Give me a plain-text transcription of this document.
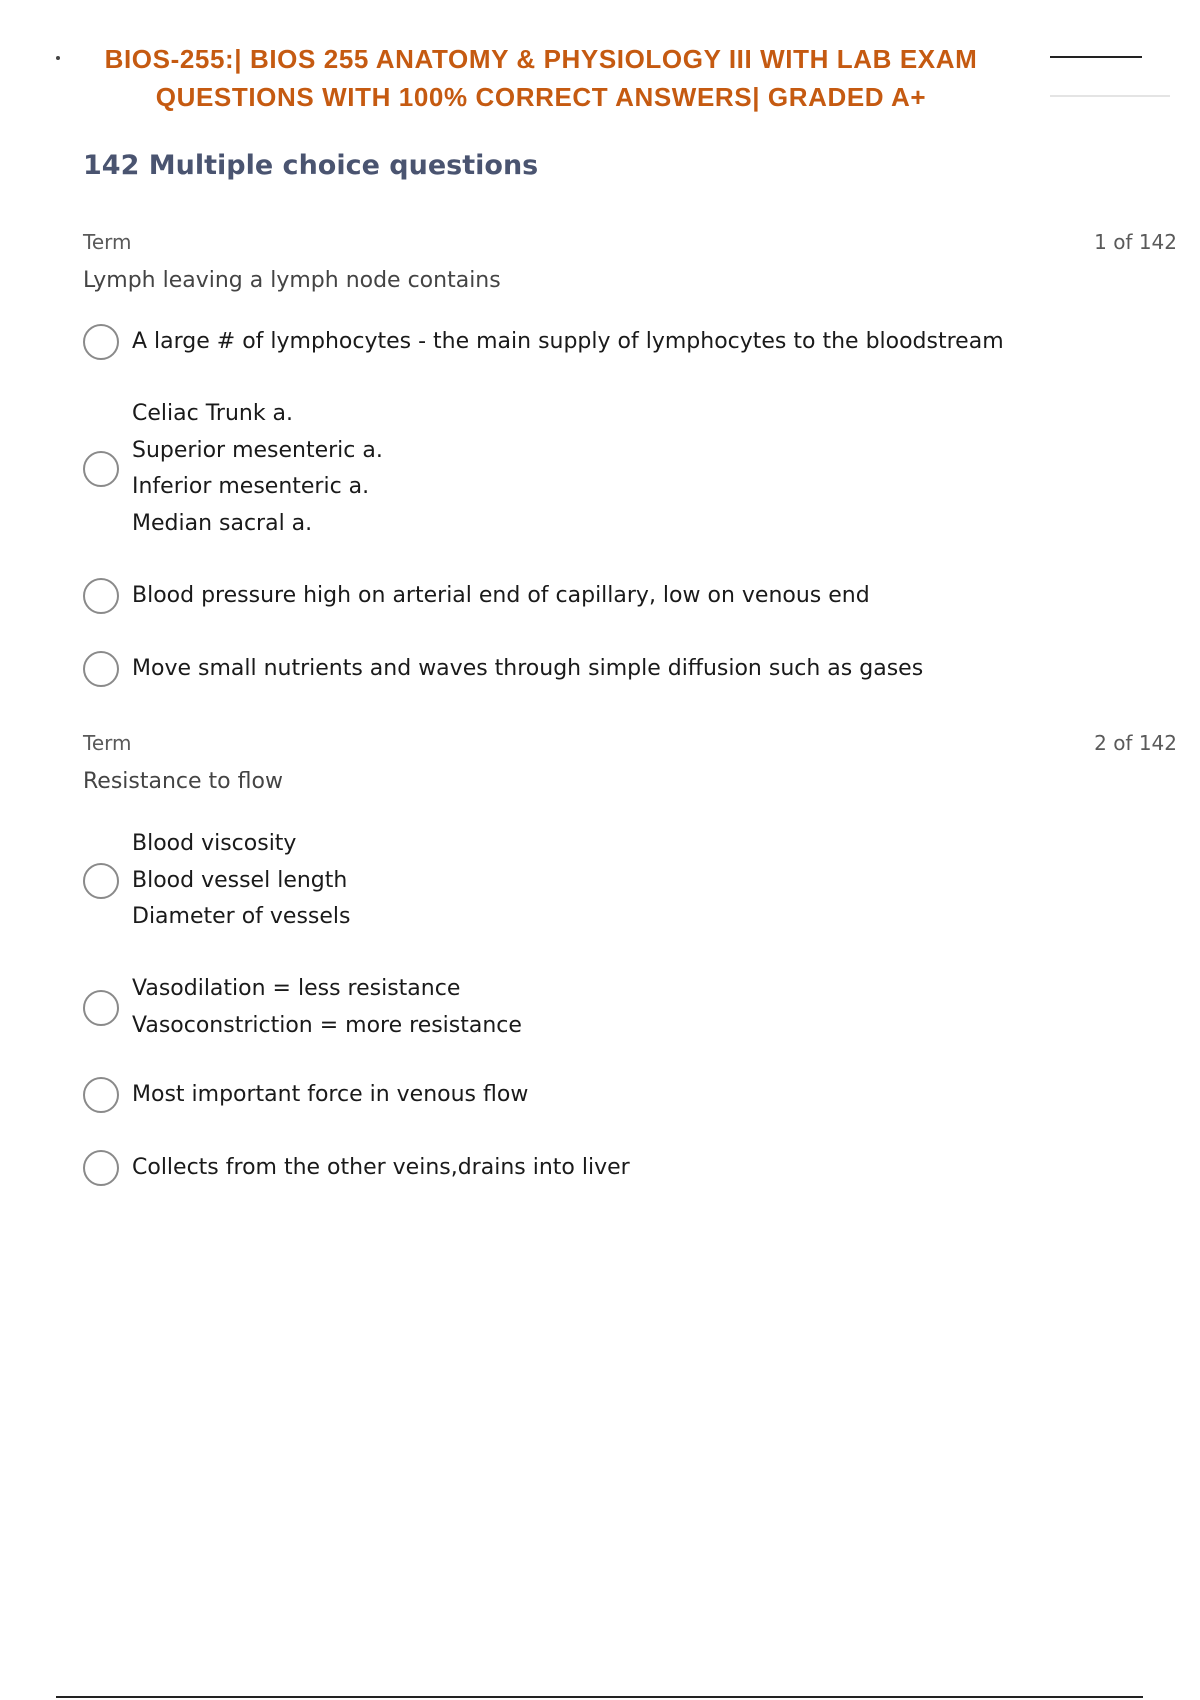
BIOS-255:| BIOS 255 ANATOMY & PHYSIOLOGY III WITH LAB EXAM
QUESTIONS WITH 100% CORRECT ANSWERS| GRADED A+
142 Multiple choice questions
Term	1 of 142

Lymph leaving a lymph node contains

A large # of lymphocytes - the main supply of lymphocytes to the bloodstream
Celiac Trunk a.
Superior mesenteric a.
Inferior mesenteric a.
Median sacral a.
Blood pressure high on arterial end of capillary, low on venous end
Move small nutrients and waves through simple diffusion such as gases
Term	2 of 142

Resistance to flow

Blood viscosity
Blood vessel length
Diameter of vessels
Vasodilation = less resistance
Vasoconstriction = more resistance
Most important force in venous flow
Collects from the other veins,drains into liver
